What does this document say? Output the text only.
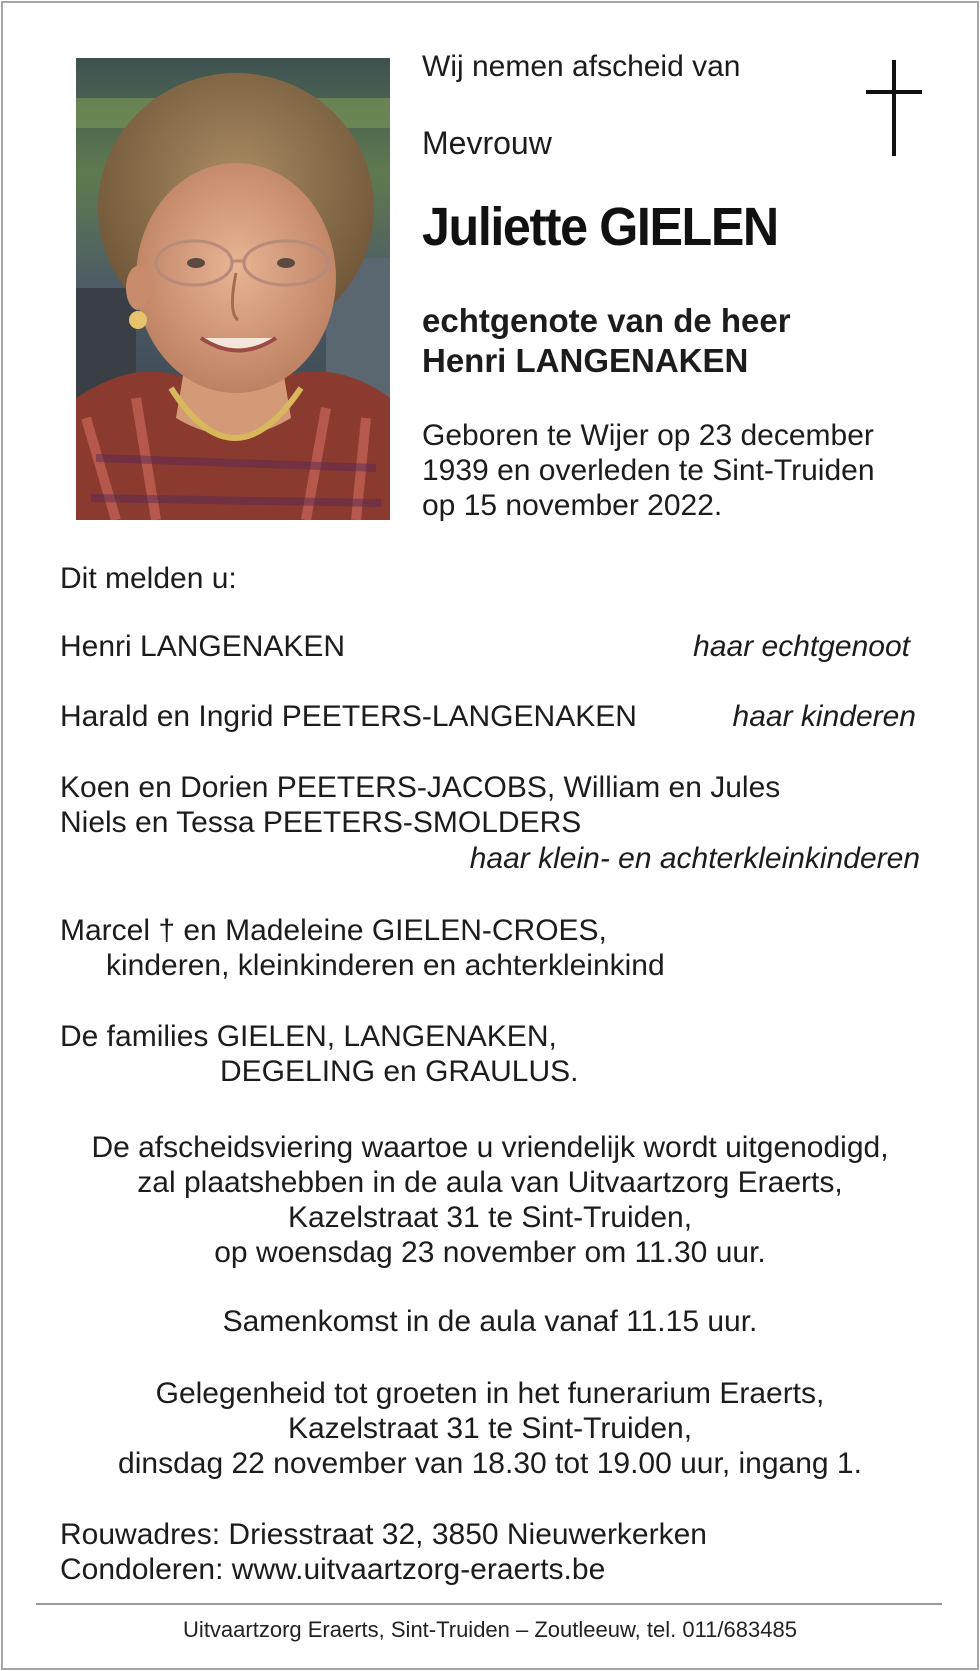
Wij nemen afscheid van
Mevrouw
Juliette GIELEN
echtgenote van de heer
Henri LANGENAKEN
Geboren te Wijer op 23 december
1939 en overleden te Sint-Truiden
op 15 november 2022.
Dit melden u:
Henri LANGENAKEN	haar echtgenoot
Harald en Ingrid PEETERS-LANGENAKEN	haar kinderen
Koen en Dorien PEETERS-JACOBS, William en Jules
Niels en Tessa PEETERS-SMOLDERS
haar klein- en achterkleinkinderen
Marcel † en Madeleine GIELEN-CROES,
kinderen, kleinkinderen en achterkleinkind
De families GIELEN, LANGENAKEN,
DEGELING en GRAULUS.
De afscheidsviering waartoe u vriendelijk wordt uitgenodigd,
zal plaatshebben in de aula van Uitvaartzorg Eraerts,
Kazelstraat 31 te Sint-Truiden,
op woensdag 23 november om 11.30 uur.
Samenkomst in de aula vanaf 11.15 uur.
Gelegenheid tot groeten in het funerarium Eraerts,
Kazelstraat 31 te Sint-Truiden,
dinsdag 22 november van 18.30 tot 19.00 uur, ingang 1.
Rouwadres: Driesstraat 32, 3850 Nieuwerkerken
Condoleren: www.uitvaartzorg-eraerts.be
Uitvaartzorg Eraerts, Sint-Truiden – Zoutleeuw, tel. 011/683485
